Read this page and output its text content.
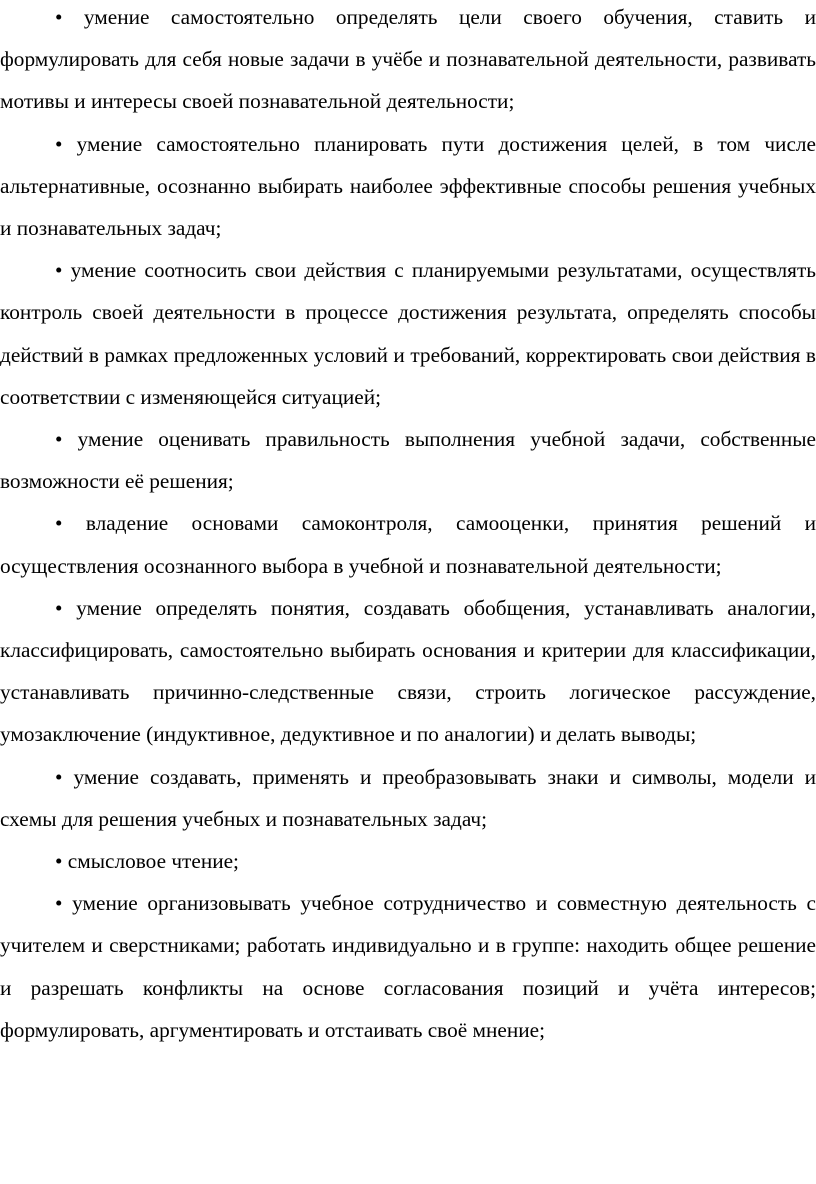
• умение самостоятельно определять цели своего обучения, ставить и формулировать для себя новые задачи в учёбе и познавательной деятельности, развивать мотивы и интересы своей познавательной деятельности;

• умение самостоятельно планировать пути достижения целей, в том числе альтернативные, осознанно выбирать наиболее эффективные способы решения учебных и познавательных задач;

• умение соотносить свои действия с планируемыми результатами, осуществлять контроль своей деятельности в процессе достижения результата, определять способы действий в рамках предложенных условий и требований, корректировать свои действия в соответствии с изменяющейся ситуацией;

• умение оценивать правильность выполнения учебной задачи, собственные возможности её решения;

• владение основами самоконтроля, самооценки, принятия решений и осуществления осознанного выбора в учебной и познавательной деятельности;

• умение определять понятия, создавать обобщения, устанавливать аналогии, классифицировать, самостоятельно выбирать основания и критерии для классификации, устанавливать причинно-следственные связи, строить логическое рассуждение, умозаключение (индуктивное, дедуктивное и по аналогии) и делать выводы;

• умение создавать, применять и преобразовывать знаки и символы, модели и схемы для решения учебных и познавательных задач;

• смысловое чтение;

• умение организовывать учебное сотрудничество и совместную деятельность с учителем и сверстниками; работать индивидуально и в группе: находить общее решение и разрешать конфликты на основе согласования позиций и учёта интересов; формулировать, аргументировать и отстаивать своё мнение;
